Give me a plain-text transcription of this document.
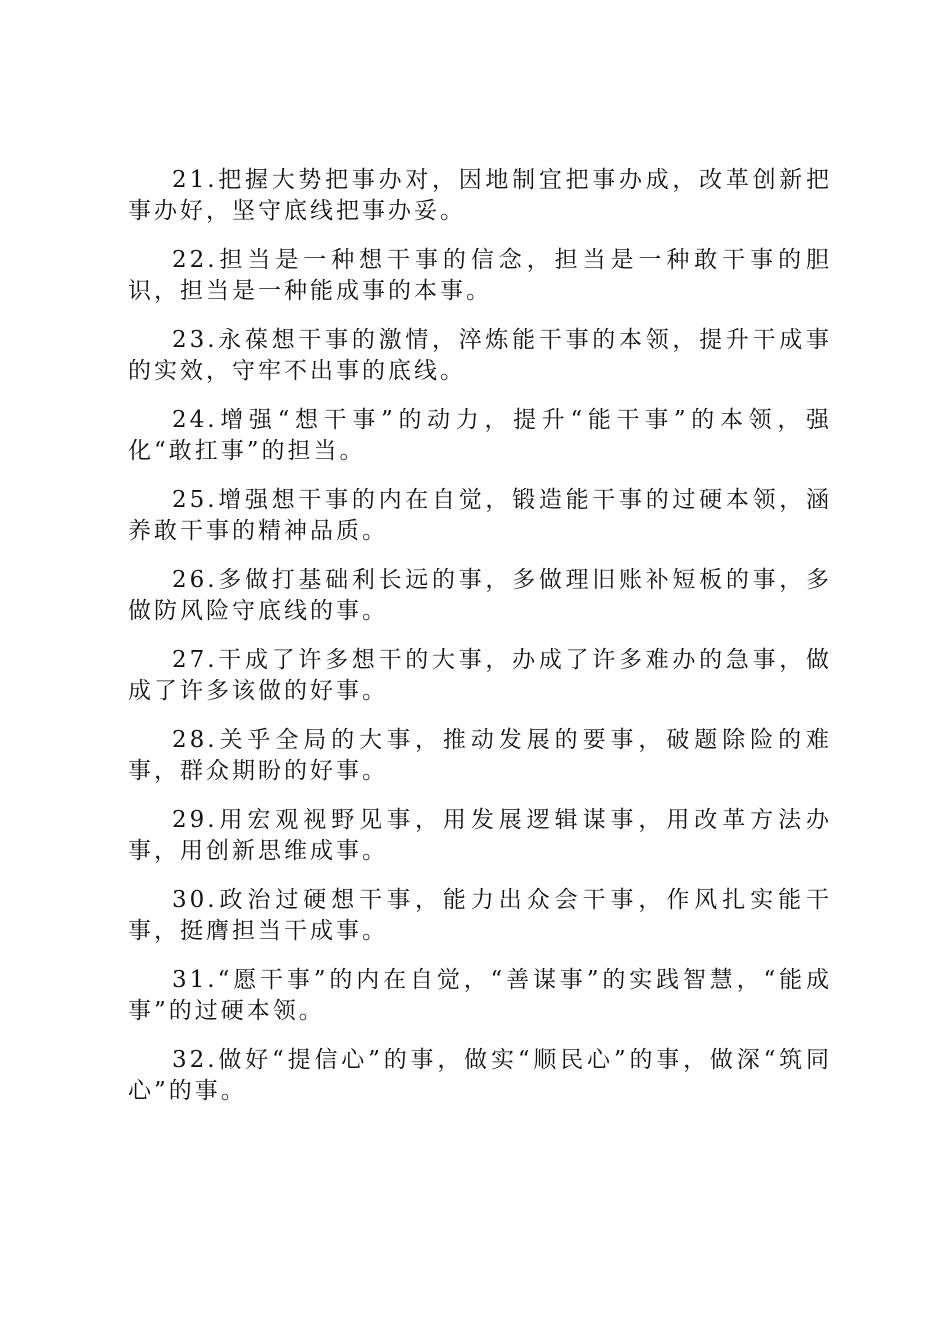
21.把握大势把事办对，因地制宜把事办成，改革创新把事办好，坚守底线把事办妥。

22.担当是一种想干事的信念，担当是一种敢干事的胆识，担当是一种能成事的本事。

23.永葆想干事的激情，淬炼能干事的本领，提升干成事的实效，守牢不出事的底线。

24.增强“想干事”的动力，提升“能干事”的本领，强化“敢扛事”的担当。

25.增强想干事的内在自觉，锻造能干事的过硬本领，涵养敢干事的精神品质。

26.多做打基础利长远的事，多做理旧账补短板的事，多做防风险守底线的事。

27.干成了许多想干的大事，办成了许多难办的急事，做成了许多该做的好事。

28.关乎全局的大事，推动发展的要事，破题除险的难事，群众期盼的好事。

29.用宏观视野见事，用发展逻辑谋事，用改革方法办事，用创新思维成事。

30.政治过硬想干事，能力出众会干事，作风扎实能干事，挺膺担当干成事。

31.“愿干事”的内在自觉，“善谋事”的实践智慧，“能成事”的过硬本领。

32.做好“提信心”的事，做实“顺民心”的事，做深“筑同心”的事。
